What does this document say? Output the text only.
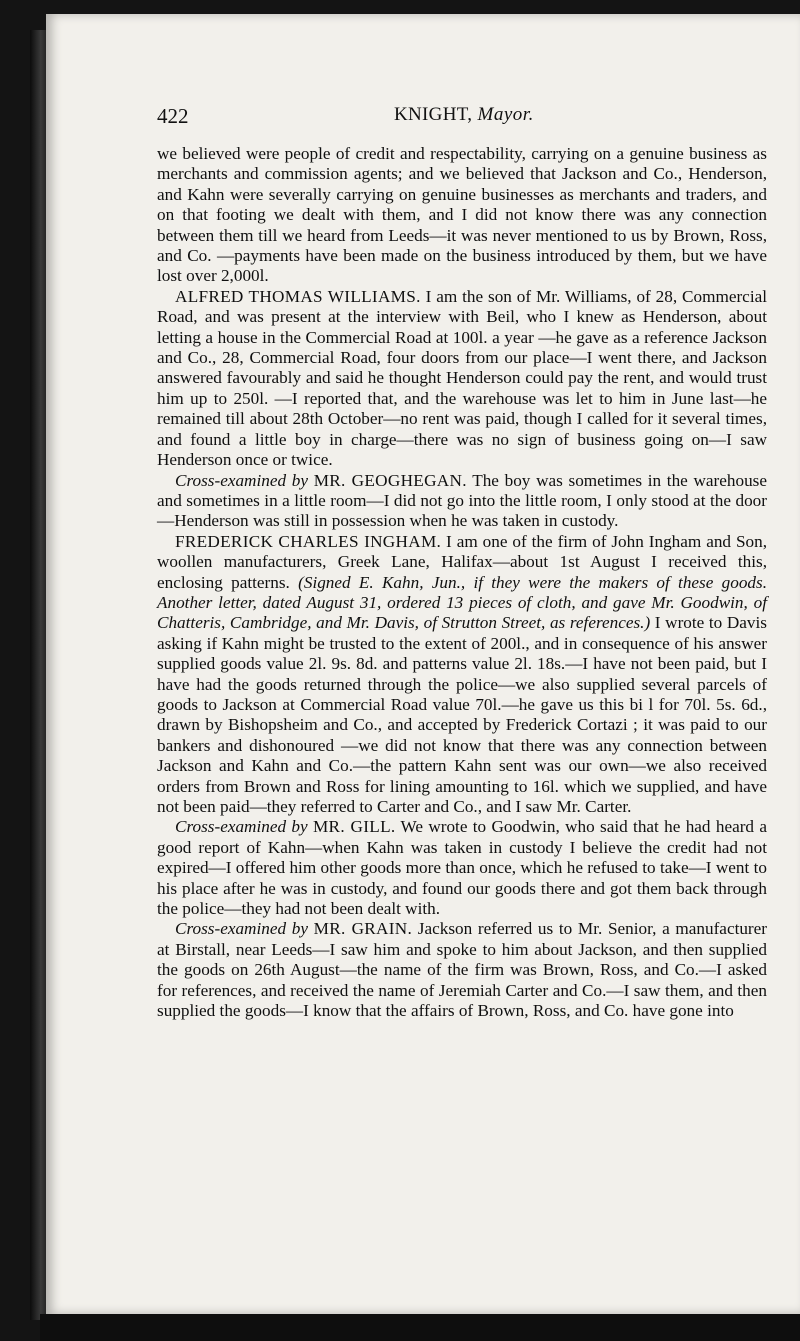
422	KNIGHT, Mayor.

we believed were people of credit and respectability, carrying on a genuine business as merchants and commission agents; and we believed that Jackson and Co., Henderson, and Kahn were severally carrying on genuine businesses as merchants and traders, and on that footing we dealt with them, and I did not know there was any connection between them till we heard from Leeds—it was never mentioned to us by Brown, Ross, and Co. —payments have been made on the business introduced by them, but we have lost over 2,000l.

ALFRED THOMAS WILLIAMS. I am the son of Mr. Williams, of 28, Commercial Road, and was present at the interview with Beil, who I knew as Henderson, about letting a house in the Commercial Road at 100l. a year —he gave as a reference Jackson and Co., 28, Commercial Road, four doors from our place—I went there, and Jackson answered favourably and said he thought Henderson could pay the rent, and would trust him up to 250l. —I reported that, and the warehouse was let to him in June last—he remained till about 28th October—no rent was paid, though I called for it several times, and found a little boy in charge—there was no sign of business going on—I saw Henderson once or twice.

Cross-examined by MR. GEOGHEGAN. The boy was sometimes in the warehouse and sometimes in a little room—I did not go into the little room, I only stood at the door—Henderson was still in possession when he was taken in custody.

FREDERICK CHARLES INGHAM. I am one of the firm of John Ingham and Son, woollen manufacturers, Greek Lane, Halifax—about 1st August I received this, enclosing patterns. (Signed E. Kahn, Jun., if they were the makers of these goods. Another letter, dated August 31, ordered 13 pieces of cloth, and gave Mr. Goodwin, of Chatteris, Cambridge, and Mr. Davis, of Strutton Street, as references.) I wrote to Davis asking if Kahn might be trusted to the extent of 200l., and in consequence of his answer supplied goods value 2l. 9s. 8d. and patterns value 2l. 18s.—I have not been paid, but I have had the goods returned through the police—we also supplied several parcels of goods to Jackson at Commercial Road value 70l.—he gave us this bi l for 70l. 5s. 6d., drawn by Bishopsheim and Co., and accepted by Frederick Cortazi ; it was paid to our bankers and dishonoured —we did not know that there was any connection between Jackson and Kahn and Co.—the pattern Kahn sent was our own—we also received orders from Brown and Ross for lining amounting to 16l. which we supplied, and have not been paid—they referred to Carter and Co., and I saw Mr. Carter.

Cross-examined by MR. GILL. We wrote to Goodwin, who said that he had heard a good report of Kahn—when Kahn was taken in custody I believe the credit had not expired—I offered him other goods more than once, which he refused to take—I went to his place after he was in custody, and found our goods there and got them back through the police—they had not been dealt with.

Cross-examined by MR. GRAIN. Jackson referred us to Mr. Senior, a manufacturer at Birstall, near Leeds—I saw him and spoke to him about Jackson, and then supplied the goods on 26th August—the name of the firm was Brown, Ross, and Co.—I asked for references, and received the name of Jeremiah Carter and Co.—I saw them, and then supplied the goods—I know that the affairs of Brown, Ross, and Co. have gone into
